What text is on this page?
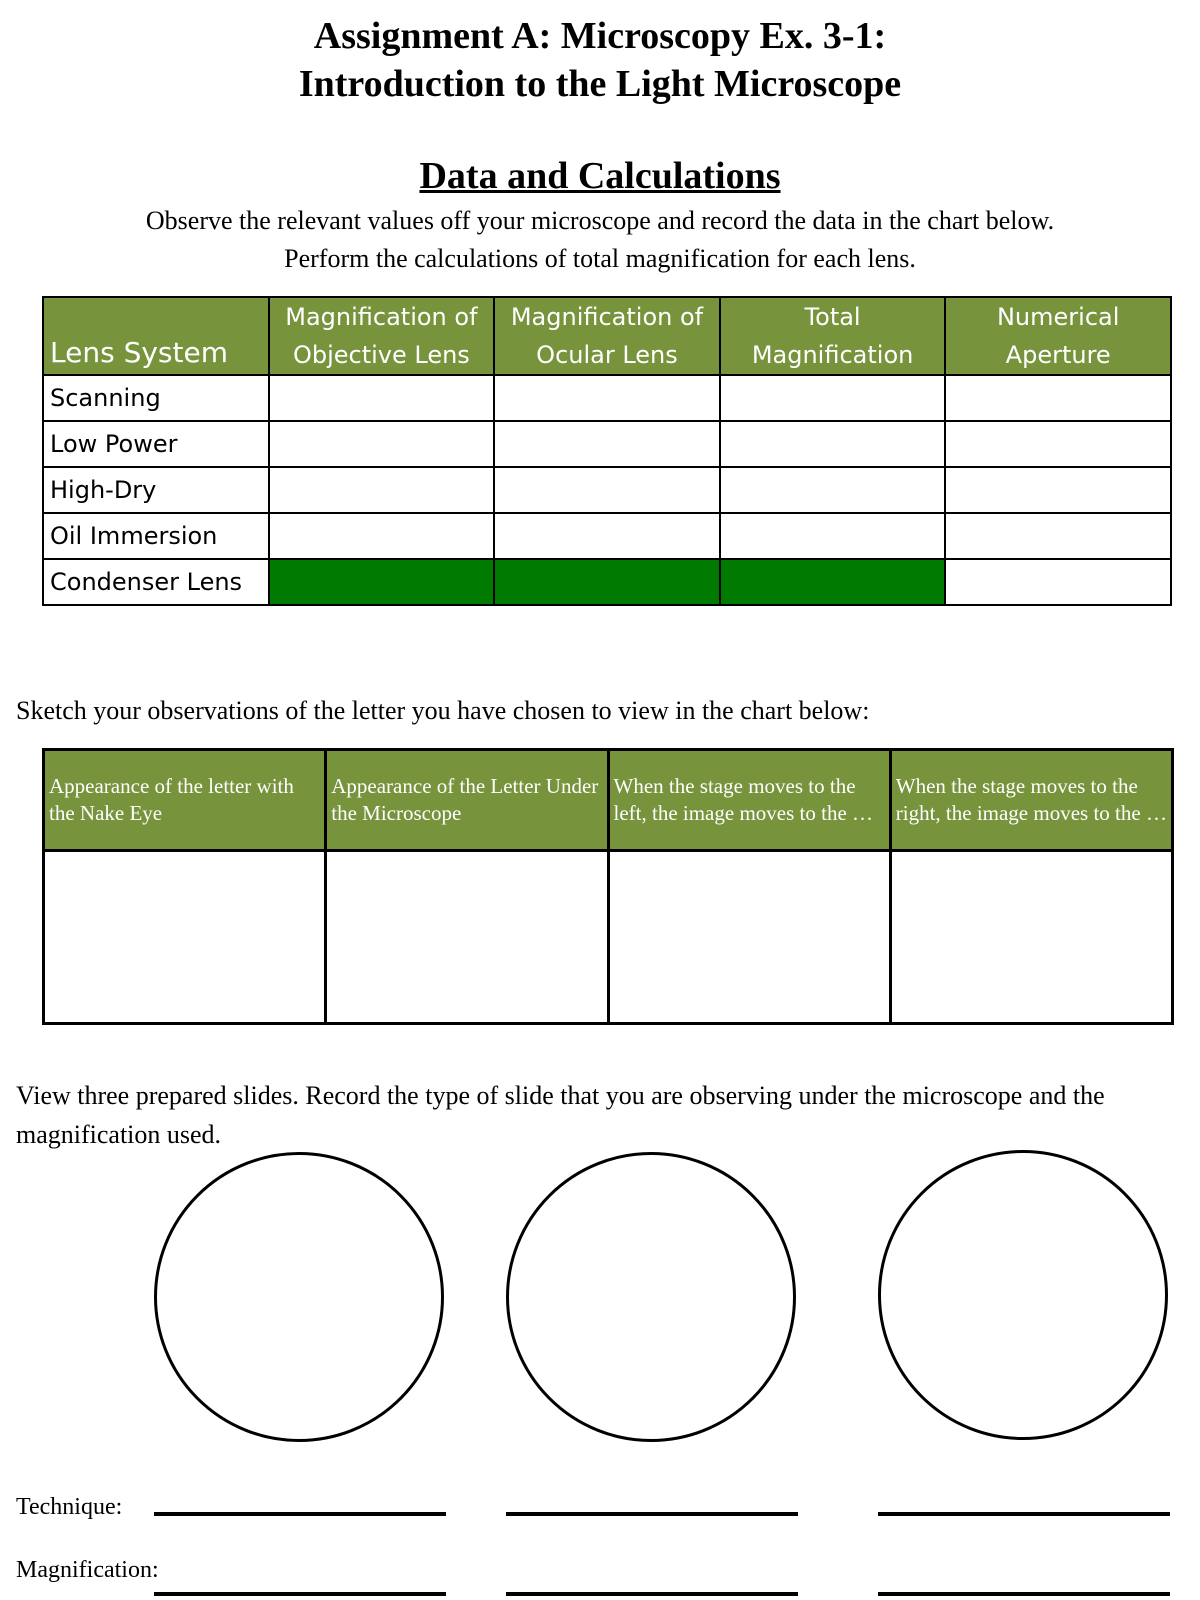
Assignment A: Microscopy Ex. 3-1:
Introduction to the Light Microscope
Data and Calculations
Observe the relevant values off your microscope and record the data in the chart below.
Perform the calculations of total magnification for each lens.
Lens System	Magnification of Objective Lens	Magnification of Ocular Lens	Total Magnification	Numerical Aperture
Scanning				
Low Power				
High-Dry				
Oil Immersion				
Condenser Lens				
Sketch your observations of the letter you have chosen to view in the chart below:
Appearance of the letter with the Nake Eye	Appearance of the Letter Under the Microscope	When the stage moves to the left, the image moves to the …	When the stage moves to the right, the image moves to the …

View three prepared slides. Record the type of slide that you are observing under the microscope and the magnification used.
Technique:
Magnification:
